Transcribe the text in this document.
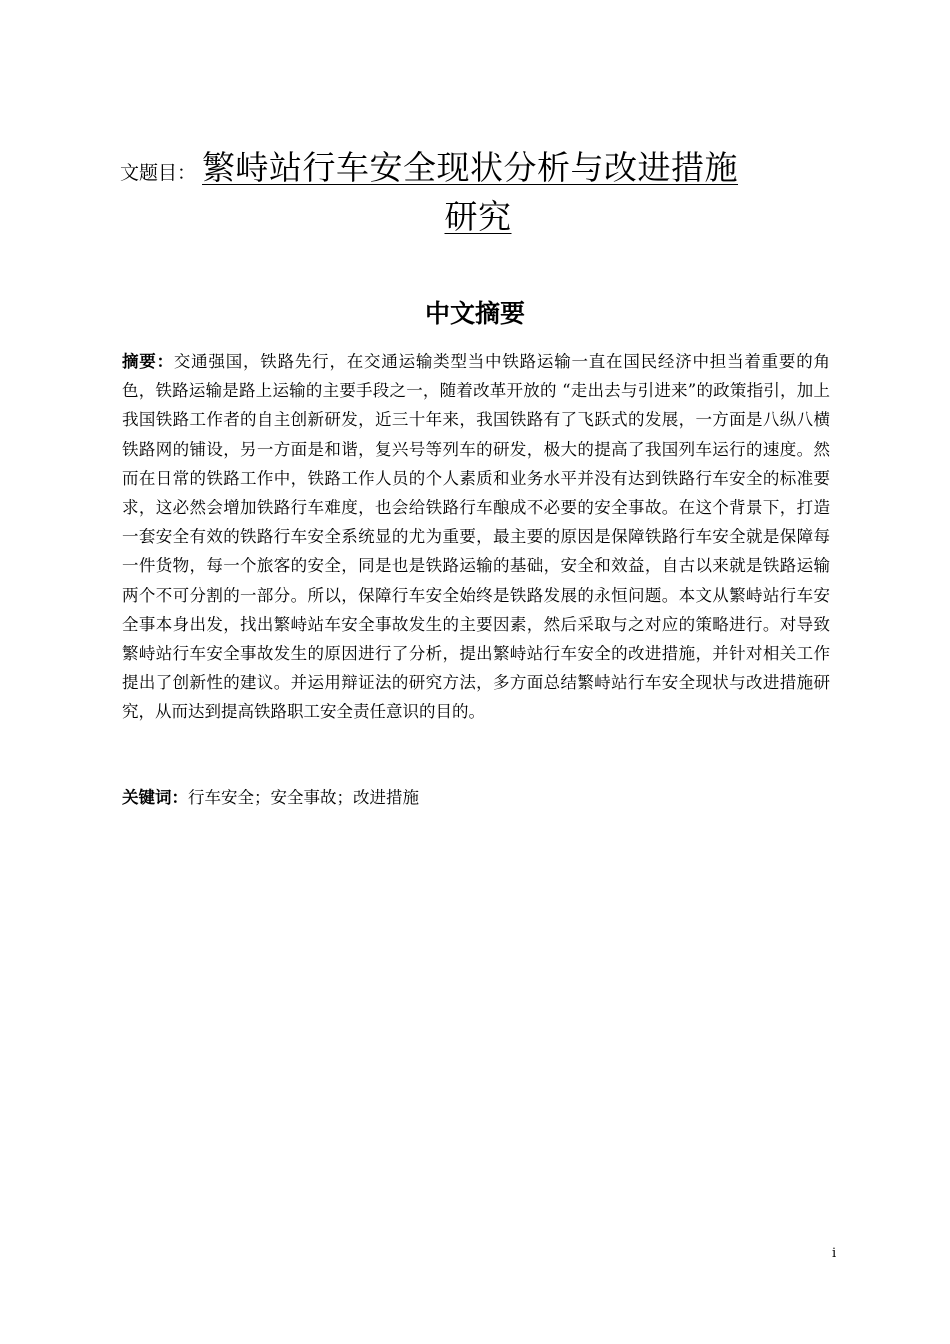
文题目： 繁峙站行车安全现状分析与改进措施
研究
中文摘要
摘要：交通强国，铁路先行，在交通运输类型当中铁路运输一直在国民经济中担当着重要的角色，铁路运输是路上运输的主要手段之一，随着改革开放的 “走出去与引进来”的政策指引，加上我国铁路工作者的自主创新研发，近三十年来，我国铁路有了飞跃式的发展，一方面是八纵八横铁路网的铺设，另一方面是和谐，复兴号等列车的研发，极大的提高了我国列车运行的速度。然而在日常的铁路工作中，铁路工作人员的个人素质和业务水平并没有达到铁路行车安全的标准要求，这必然会增加铁路行车难度，也会给铁路行车酿成不必要的安全事故。在这个背景下，打造一套安全有效的铁路行车安全系统显的尤为重要，最主要的原因是保障铁路行车安全就是保障每一件货物，每一个旅客的安全，同是也是铁路运输的基础，安全和效益，自古以来就是铁路运输两个不可分割的一部分。所以，保障行车安全始终是铁路发展的永恒问题。本文从繁峙站行车安全事本身出发，找出繁峙站车安全事故发生的主要因素，然后采取与之对应的策略进行。对导致繁峙站行车安全事故发生的原因进行了分析，提出繁峙站行车安全的改进措施，并针对相关工作提出了创新性的建议。并运用辩证法的研究方法，多方面总结繁峙站行车安全现状与改进措施研究，从而达到提高铁路职工安全责任意识的目的。
关键词：行车安全；安全事故；改进措施
i
